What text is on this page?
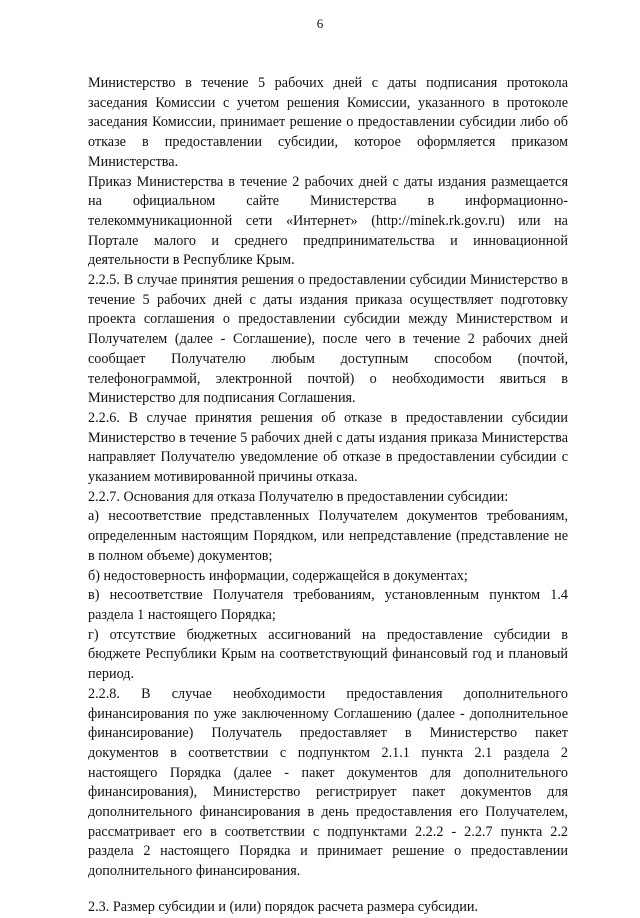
6

Министерство в течение 5 рабочих дней с даты подписания протокола заседания Комиссии с учетом решения Комиссии, указанного в протоколе заседания Комиссии, принимает решение о предоставлении субсидии либо об отказе в предоставлении субсидии, которое оформляется приказом Министерства.

Приказ Министерства в течение 2 рабочих дней с даты издания размещается на официальном сайте Министерства в информационно-телекоммуникационной сети «Интернет» (http://minek.rk.gov.ru) или на Портале малого и среднего предпринимательства и инновационной деятельности в Республике Крым.

2.2.5. В случае принятия решения о предоставлении субсидии Министерство в течение 5 рабочих дней с даты издания приказа осуществляет подготовку проекта соглашения о предоставлении субсидии между Министерством и Получателем (далее - Соглашение), после чего в течение 2 рабочих дней сообщает Получателю любым доступным способом (почтой, телефонограммой, электронной почтой) о необходимости явиться в Министерство для подписания Соглашения.

2.2.6. В случае принятия решения об отказе в предоставлении субсидии Министерство в течение 5 рабочих дней с даты издания приказа Министерства направляет Получателю уведомление об отказе в предоставлении субсидии с указанием мотивированной причины отказа.

2.2.7. Основания для отказа Получателю в предоставлении субсидии:

а) несоответствие представленных Получателем документов требованиям, определенным настоящим Порядком, или непредставление (представление не в полном объеме) документов;

б) недостоверность информации, содержащейся в документах;

в) несоответствие Получателя требованиям, установленным пунктом 1.4 раздела 1 настоящего Порядка;

г) отсутствие бюджетных ассигнований на предоставление субсидии в бюджете Республики Крым на соответствующий финансовый год и плановый период.

2.2.8. В случае необходимости предоставления дополнительного финансирования по уже заключенному Соглашению (далее - дополнительное финансирование) Получатель предоставляет в Министерство пакет документов в соответствии с подпунктом 2.1.1 пункта 2.1 раздела 2 настоящего Порядка (далее - пакет документов для дополнительного финансирования), Министерство регистрирует пакет документов для дополнительного финансирования в день предоставления его Получателем, рассматривает его в соответствии с подпунктами 2.2.2 - 2.2.7 пункта 2.2 раздела 2 настоящего Порядка и принимает решение о предоставлении дополнительного финансирования.

2.3. Размер субсидии и (или) порядок расчета размера субсидии.
